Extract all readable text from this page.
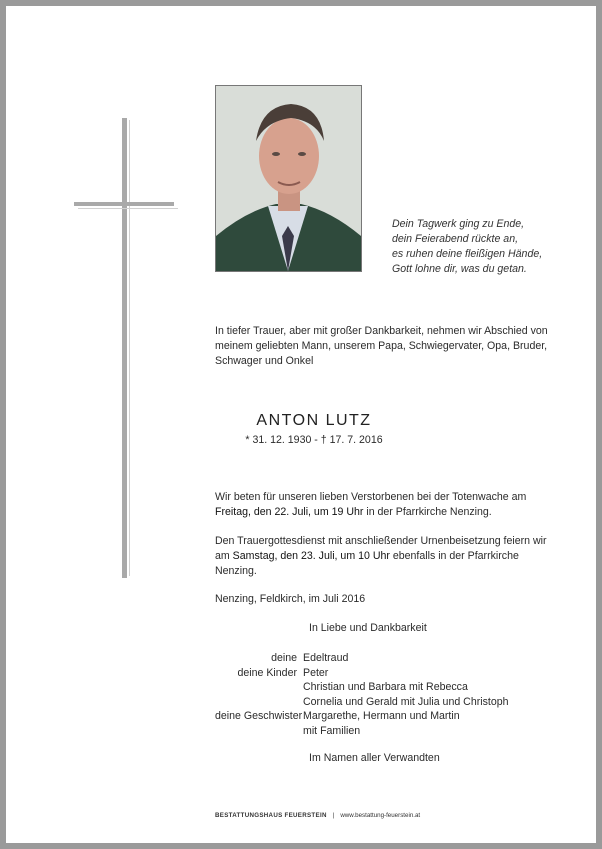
Dein Tagwerk ging zu Ende,
dein Feierabend rückte an,
es ruhen deine fleißigen Hände,
Gott lohne dir, was du getan.
In tiefer Trauer, aber mit großer Dankbarkeit, nehmen wir Abschied von meinem geliebten Mann, unserem Papa, Schwiegervater, Opa, Bruder, Schwager und Onkel
ANTON LUTZ
* 31. 12. 1930 - † 17. 7. 2016
Wir beten für unseren lieben Verstorbenen bei der Totenwache am
Freitag, den 22. Juli, um 19 Uhr in der Pfarrkirche Nenzing.
Den Trauergottesdienst mit anschließender Urnenbeisetzung feiern wir am Samstag, den 23. Juli, um 10 Uhr ebenfalls in der Pfarrkirche Nenzing.
Nenzing, Feldkirch, im Juli 2016
In Liebe und Dankbarkeit
deine Edeltraud
deine Kinder Peter
Christian und Barbara mit Rebecca
Cornelia und Gerald mit Julia und Christoph
deine Geschwister Margarethe, Hermann und Martin
mit Familien
Im Namen aller Verwandten
BESTATTUNGSHAUS FEUERSTEIN | www.bestattung-feuerstein.at
